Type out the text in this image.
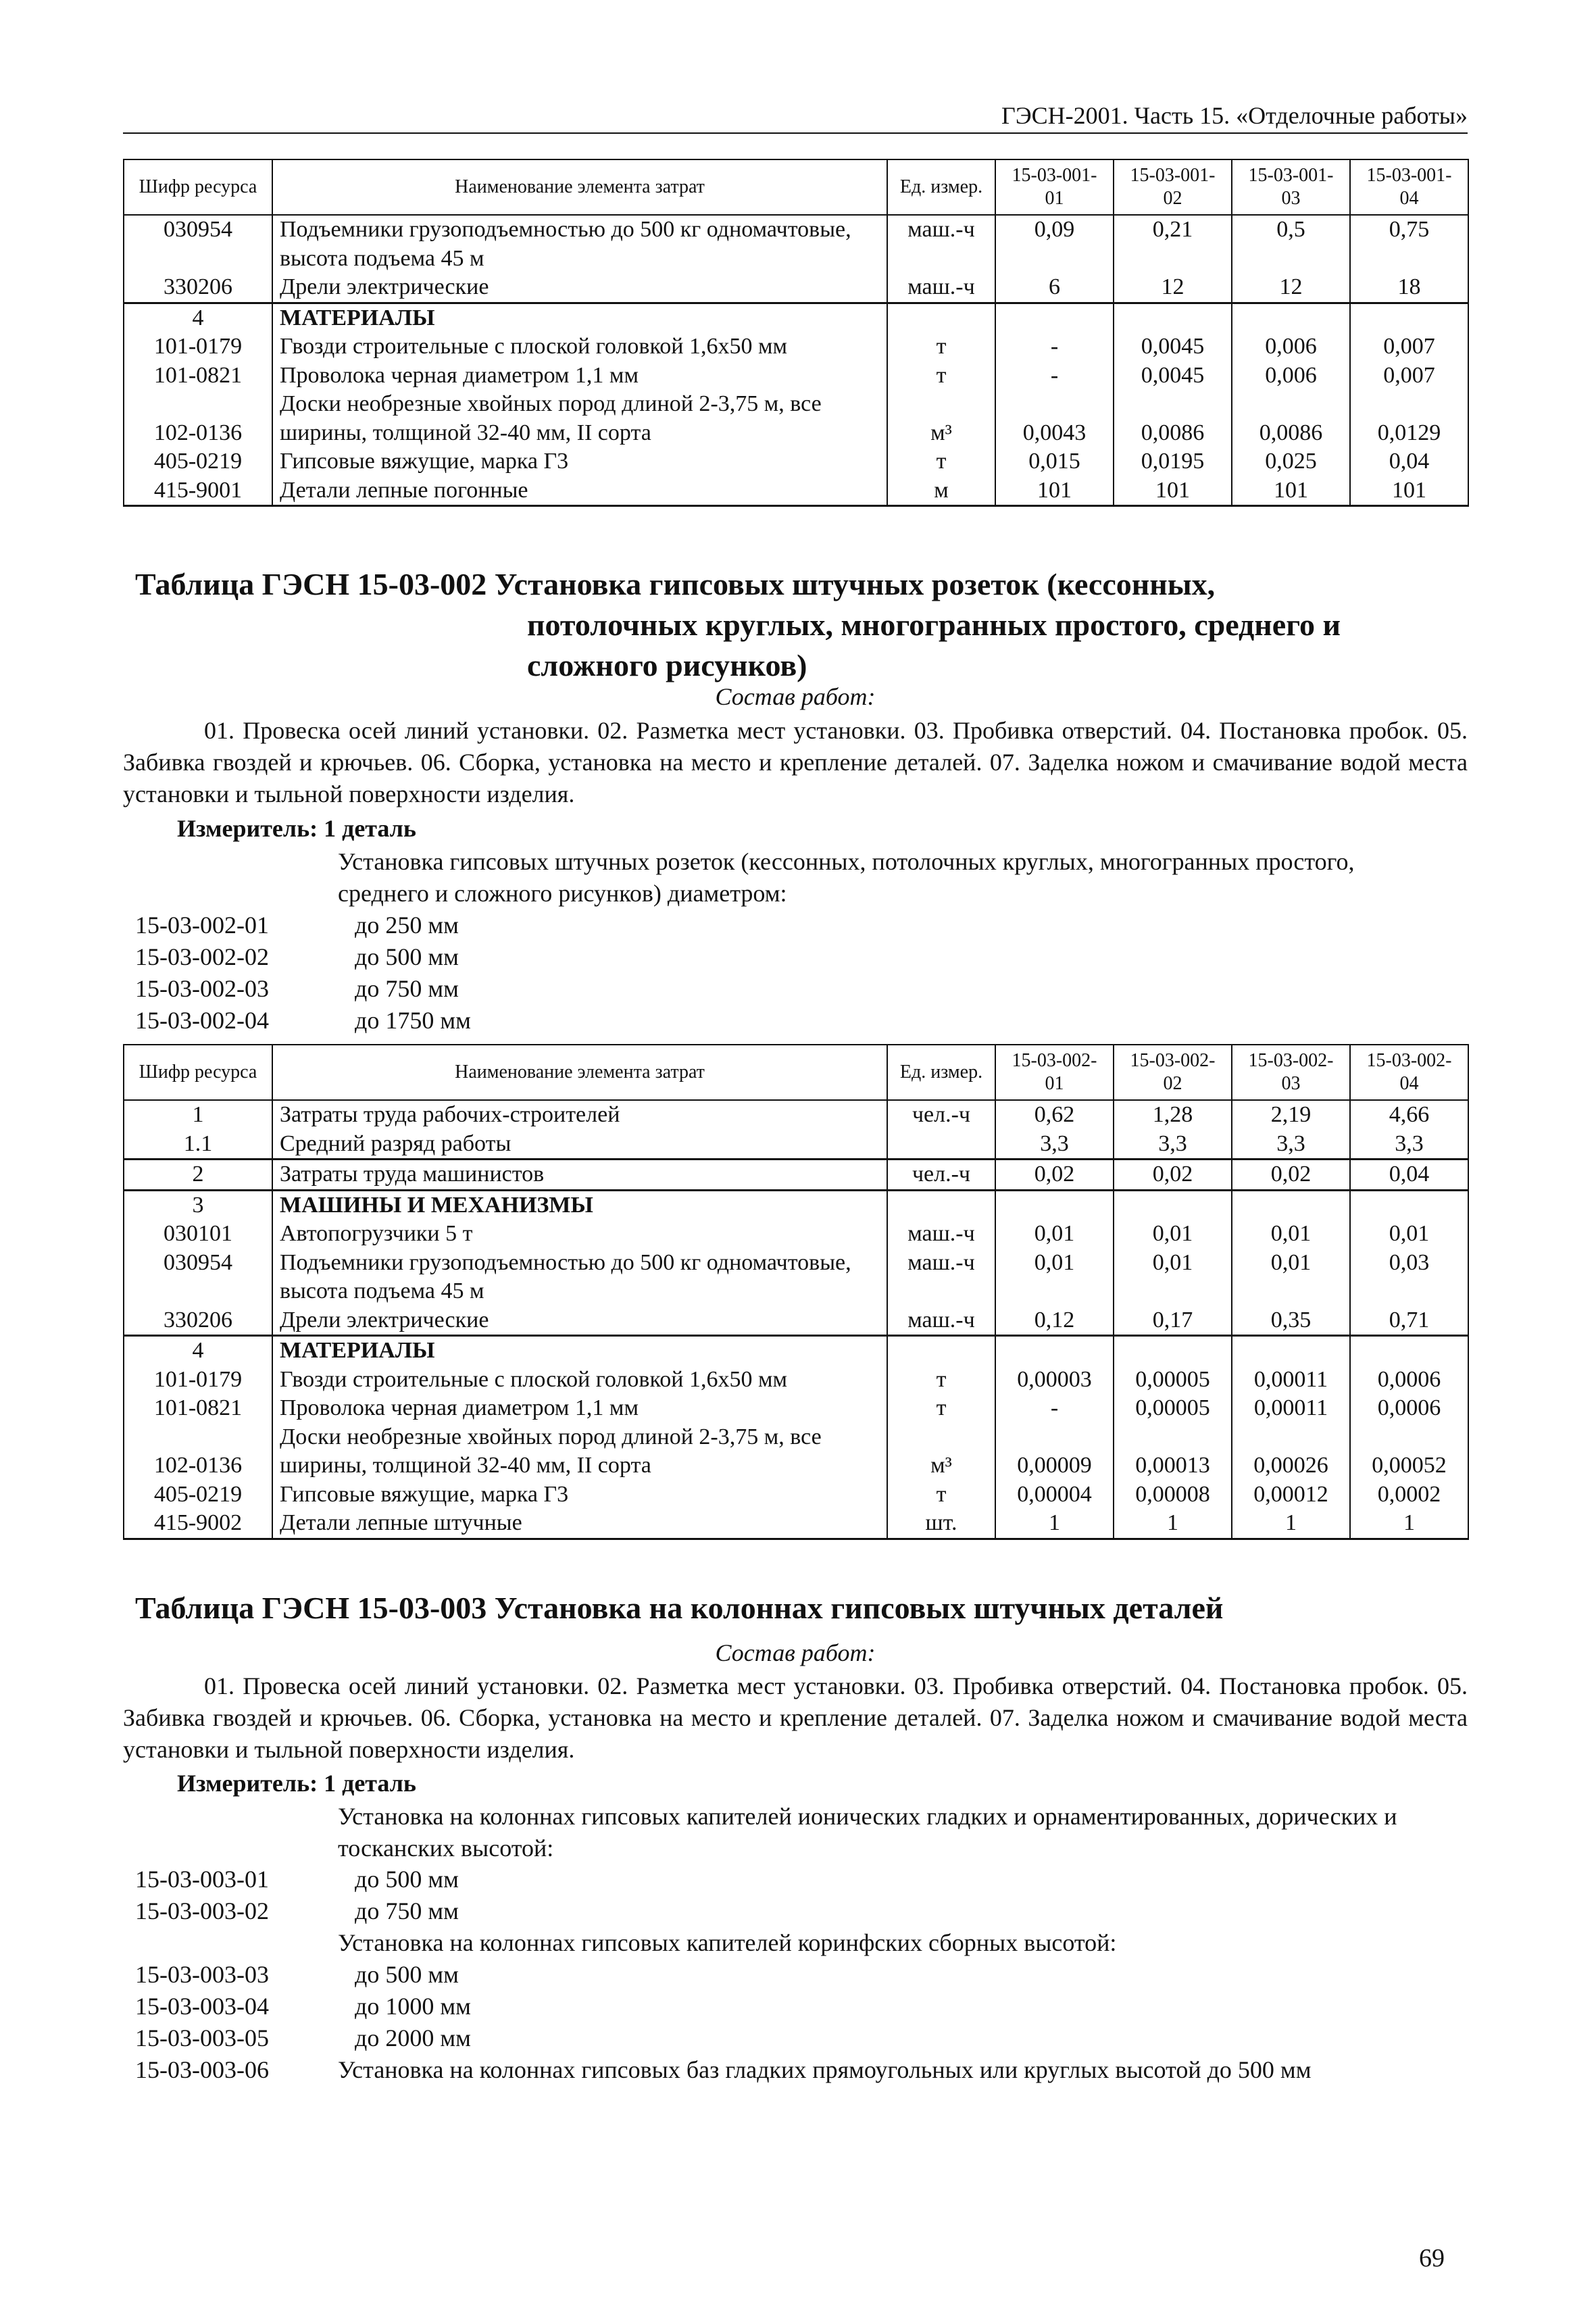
ГЭСН-2001. Часть 15. «Отделочные работы»
Шифр ресурса	Наименование элемента затрат	Ед. измер.	15-03-001-01	15-03-001-02	15-03-001-03	15-03-001-04
030954	Подъемники грузоподъемностью до 500 кг одномачтовые, высота подъема 45 м	маш.-ч	0,09	0,21	0,5	0,75
330206	Дрели электрические	маш.-ч	6	12	12	18
4	МАТЕРИАЛЫ					
101-0179	Гвозди строительные с плоской головкой 1,6х50 мм	т	-	0,0045	0,006	0,007
101-0821	Проволока черная диаметром 1,1 мм	т	-	0,0045	0,006	0,007
102-0136	Доски необрезные хвойных пород длиной 2-3,75 м, все ширины, толщиной 32-40 мм, II сорта	м³	0,0043	0,0086	0,0086	0,0129
405-0219	Гипсовые вяжущие, марка Г3	т	0,015	0,0195	0,025	0,04
415-9001	Детали лепные погонные	м	101	101	101	101
Таблица ГЭСН 15-03-002 Установка гипсовых штучных розеток (кессонных,
потолочных круглых, многогранных простого, среднего и сложного рисунков)
Состав работ:
01. Провеска осей линий установки. 02. Разметка мест установки. 03. Пробивка отверстий. 04. Постановка пробок. 05. Забивка гвоздей и крючьев. 06. Сборка, установка на место и крепление деталей. 07. Заделка ножом и смачивание водой места установки и тыльной поверхности изделия.
Измеритель: 1 деталь
Установка гипсовых штучных розеток (кессонных, потолочных круглых, многогранных простого, среднего и сложного рисунков) диаметром:
15-03-002-01	до 250 мм
15-03-002-02	до 500 мм
15-03-002-03	до 750 мм
15-03-002-04	до 1750 мм
Шифр ресурса	Наименование элемента затрат	Ед. измер.	15-03-002-01	15-03-002-02	15-03-002-03	15-03-002-04
1	Затраты труда рабочих-строителей	чел.-ч	0,62	1,28	2,19	4,66
1.1	Средний разряд работы		3,3	3,3	3,3	3,3
2	Затраты труда машинистов	чел.-ч	0,02	0,02	0,02	0,04
3	МАШИНЫ И МЕХАНИЗМЫ					
030101	Автопогрузчики 5 т	маш.-ч	0,01	0,01	0,01	0,01
030954	Подъемники грузоподъемностью до 500 кг одномачтовые, высота подъема 45 м	маш.-ч	0,01	0,01	0,01	0,03
330206	Дрели электрические	маш.-ч	0,12	0,17	0,35	0,71
4	МАТЕРИАЛЫ					
101-0179	Гвозди строительные с плоской головкой 1,6х50 мм	т	0,00003	0,00005	0,00011	0,0006
101-0821	Проволока черная диаметром 1,1 мм	т	-	0,00005	0,00011	0,0006
102-0136	Доски необрезные хвойных пород длиной 2-3,75 м, все ширины, толщиной 32-40 мм, II сорта	м³	0,00009	0,00013	0,00026	0,00052
405-0219	Гипсовые вяжущие, марка Г3	т	0,00004	0,00008	0,00012	0,0002
415-9002	Детали лепные штучные	шт.	1	1	1	1
Таблица ГЭСН 15-03-003 Установка на колоннах гипсовых штучных деталей
Состав работ:
01. Провеска осей линий установки. 02. Разметка мест установки. 03. Пробивка отверстий. 04. Постановка пробок. 05. Забивка гвоздей и крючьев. 06. Сборка, установка на место и крепление деталей. 07. Заделка ножом и смачивание водой места установки и тыльной поверхности изделия.
Измеритель: 1 деталь
Установка на колоннах гипсовых капителей ионических гладких и орнаментированных, дорических и тосканских высотой:
15-03-003-01	до 500 мм
15-03-003-02	до 750 мм
Установка на колоннах гипсовых капителей коринфских сборных высотой:
15-03-003-03	до 500 мм
15-03-003-04	до 1000 мм
15-03-003-05	до 2000 мм
15-03-003-06	Установка на колоннах гипсовых баз гладких прямоугольных или круглых высотой до 500 мм
69
